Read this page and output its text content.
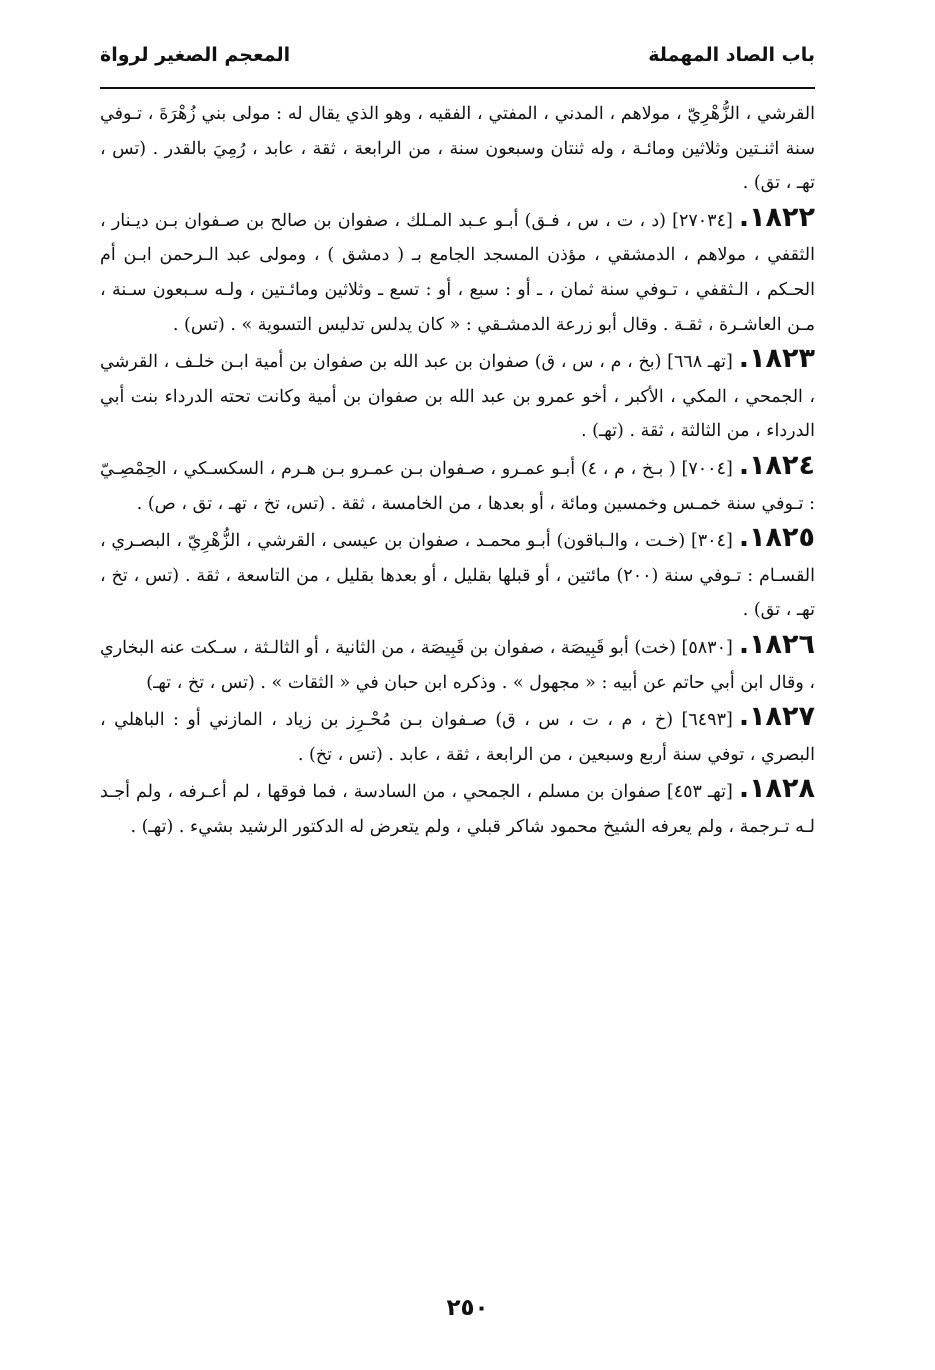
باب الصاد المهملة
المعجم الصغير لرواة

القرشي ، الزُّهْرِيّ ، مولاهم ، المدني ، المفتي ، الفقيه ، وهو الذي يقال له : مولى بني زُهْرَةَ ، تـوفي سنة اثنـتين وثلاثين ومائـة ، وله ثنتان وسبعون سنة ، من الرابعة ، ثقة ، عابد ، رُمِيَ بالقدر . (تس ، تهـ ، تق) .

١٨٢٢.[٢٧٠٣٤] (د ، ت ، س ، فـق) أبـو عـبد المـلك ، صفوان بن صالح بن صـفوان بـن ديـنار ، الثقفي ، مولاهم ، الدمشقي ، مؤذن المسجد الجامع بـ ( دمشق ) ، ومولى عبد الـرحمن ابـن أم الحـكم ، الـثقفي ، تـوفي سنة ثمان ، ـ أو : سبع ، أو : تسع ـ وثلاثين ومائـتين ، ولـه سـبعون سـنة ، مـن العاشـرة ، ثقـة . وقال أبو زرعة الدمشـقي : « كان يدلس تدليس التسوية » . (تس) .

١٨٢٣.[تهـ ٦٦٨] (بخ ، م ، س ، ق) صفوان بن عبد الله بن صفوان بن أمية ابـن خلـف ، القرشي ، الجمحي ، المكي ، الأكبر ، أخو عمرو بن عبد الله بن صفوان بن أمية وكانت تحته الدرداء بنت أبي الدرداء ، من الثالثة ، ثقة . (تهـ) .

١٨٢٤.[٧٠٠٤] ( بـخ ، م ، ٤) أبـو عمـرو ، صـفوان بـن عمـرو بـن هـرم ، السكسـكي ، الحِمْصِـيّ : تـوفي سنة خمـس وخمسين ومائة ، أو بعدها ، من الخامسة ، ثقة . (تس، تخ ، تهـ ، تق ، ص) .

١٨٢٥.[٣٠٤] (خـت ، والـباقون) أبـو محمـد ، صفوان بن عيسى ، القرشي ، الزُّهْرِيّ ، البصـري ، القسـام : تـوفي سنة (٢٠٠) مائتين ، أو قبلها بقليل ، أو بعدها بقليل ، من التاسعة ، ثقة . (تس ، تخ ، تهـ ، تق) .

١٨٢٦.[٥٨٣٠] (خت) أبو قَبِيصَة ، صفوان بن قَبِيصَة ، من الثانية ، أو الثالـثة ، سـكت عنه البخاري ، وقال ابن أبي حاتم عن أبيه : « مجهول » . وذكره ابن حبان في « الثقات » . (تس ، تخ ، تهـ)

١٨٢٧.[٦٤٩٣] (خ ، م ، ت ، س ، ق) صـفوان بـن مُحْـرِز بن زياد ، المازني أو : الباهلي ، البصري ، توفي سنة أربع وسبعين ، من الرابعة ، ثقة ، عابد . (تس ، تخ) .

١٨٢٨.[تهـ ٤٥٣] صفوان بن مسلم ، الجمحي ، من السادسة ، فما فوقها ، لم أعـرفه ، ولم أجـد لـه تـرجمة ، ولم يعرفه الشيخ محمود شاكر قبلي ، ولم يتعرض له الدكتور الرشيد بشيء . (تهـ) .

٢٥٠
